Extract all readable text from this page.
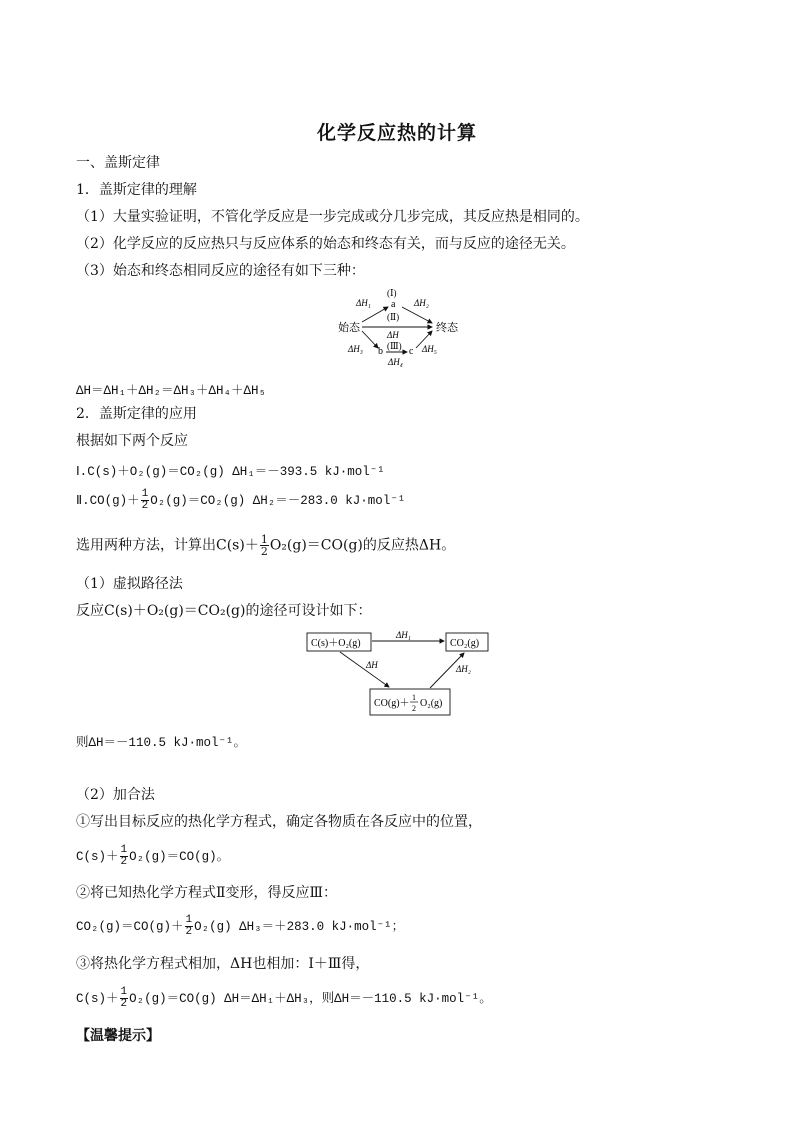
化学反应热的计算
一、盖斯定律
1．盖斯定律的理解
（1）大量实验证明，不管化学反应是一步完成或分几步完成，其反应热是相同的。
（2）化学反应的反应热只与反应体系的始态和终态有关，而与反应的途径无关。
（3）始态和终态相同反应的途径有如下三种：
始态	终态
a
b	c
(Ⅰ)
(Ⅱ)
(Ⅲ)
ΔH₁	ΔH₂
ΔH
ΔH₃
ΔH₄
ΔH₅
ΔH＝ΔH₁＋ΔH₂＝ΔH₃＋ΔH₄＋ΔH₅
2．盖斯定律的应用
根据如下两个反应
Ⅰ.C(s)＋O₂(g)＝CO₂(g) ΔH₁＝－393.5 kJ·mol⁻¹
Ⅱ.CO(g)＋ $\frac{1}{2} O_2(g)=CO_2(g)$ ΔH₂＝－283.0 kJ·mol⁻¹
选用两种方法，计算出$C(s)+ \frac{1}{2} O_2(g)=CO(g)$的反应热ΔH。
（1）虚拟路径法
反应C(s)＋O₂(g)＝CO₂(g)的途径可设计如下：
C(s)＋O₂(g)	CO₂(g)
CO(g)＋
1
2 O₂(g)
ΔH₁
ΔH	ΔH₂
则ΔH＝－110.5 kJ·mol⁻¹。
（2）加合法
①写出目标反应的热化学方程式，确定各物质在各反应中的位置，
$C(s)+ \frac{1}{2} O_2(g)=CO(g)$。
②将已知热化学方程式Ⅱ变形，得反应Ⅲ：
$CO_2(g)=CO(g)+ \frac{1}{2} O_2(g)$ ΔH₃＝＋283.0 kJ·mol⁻¹；
③将热化学方程式相加，ΔH也相加：Ⅰ＋Ⅲ得，
$C(s)+ \frac{1}{2} O_2(g)=CO(g)$ ΔH＝ΔH₁＋ΔH₃，则ΔH＝－110.5 kJ·mol⁻¹。
【温馨提示】
